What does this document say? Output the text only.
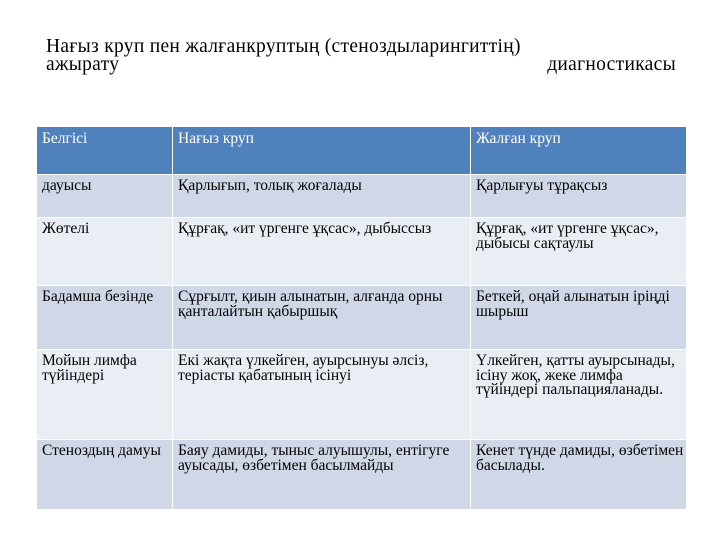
Нағыз круп пен жалғанкруптың (стеноздыларингиттің)
ажырату	диагностикасы
Белгісі	Нағыз круп	Жалған круп
дауысы	Қарлығып, толық жоғалады	Қарлығуы тұрақсыз
Жөтелі	Құрғақ, «ит үргенге ұқсас», дыбыссыз	Құрғақ, «ит үргенге ұқсас», дыбысы сақтаулы
Бадамша безінде	Сұрғылт, қиын алынатын, алғанда орны қанталайтын қабыршық	Беткей, оңай алынатын іріңді шырыш
Мойын лимфа түйіндері	Екі жақта үлкейген, ауырсынуы әлсіз, теріасты қабатының ісінуі	Үлкейген, қатты ауырсынады, ісіну жоқ, жеке лимфа түйіндері пальпацияланады.
Стеноздың дамуы	Баяу дамиды, тыныс алуышулы, ентігуге ауысады, өзбетімен басылмайды	Кенет түнде дамиды, өзбетімен басылады.
